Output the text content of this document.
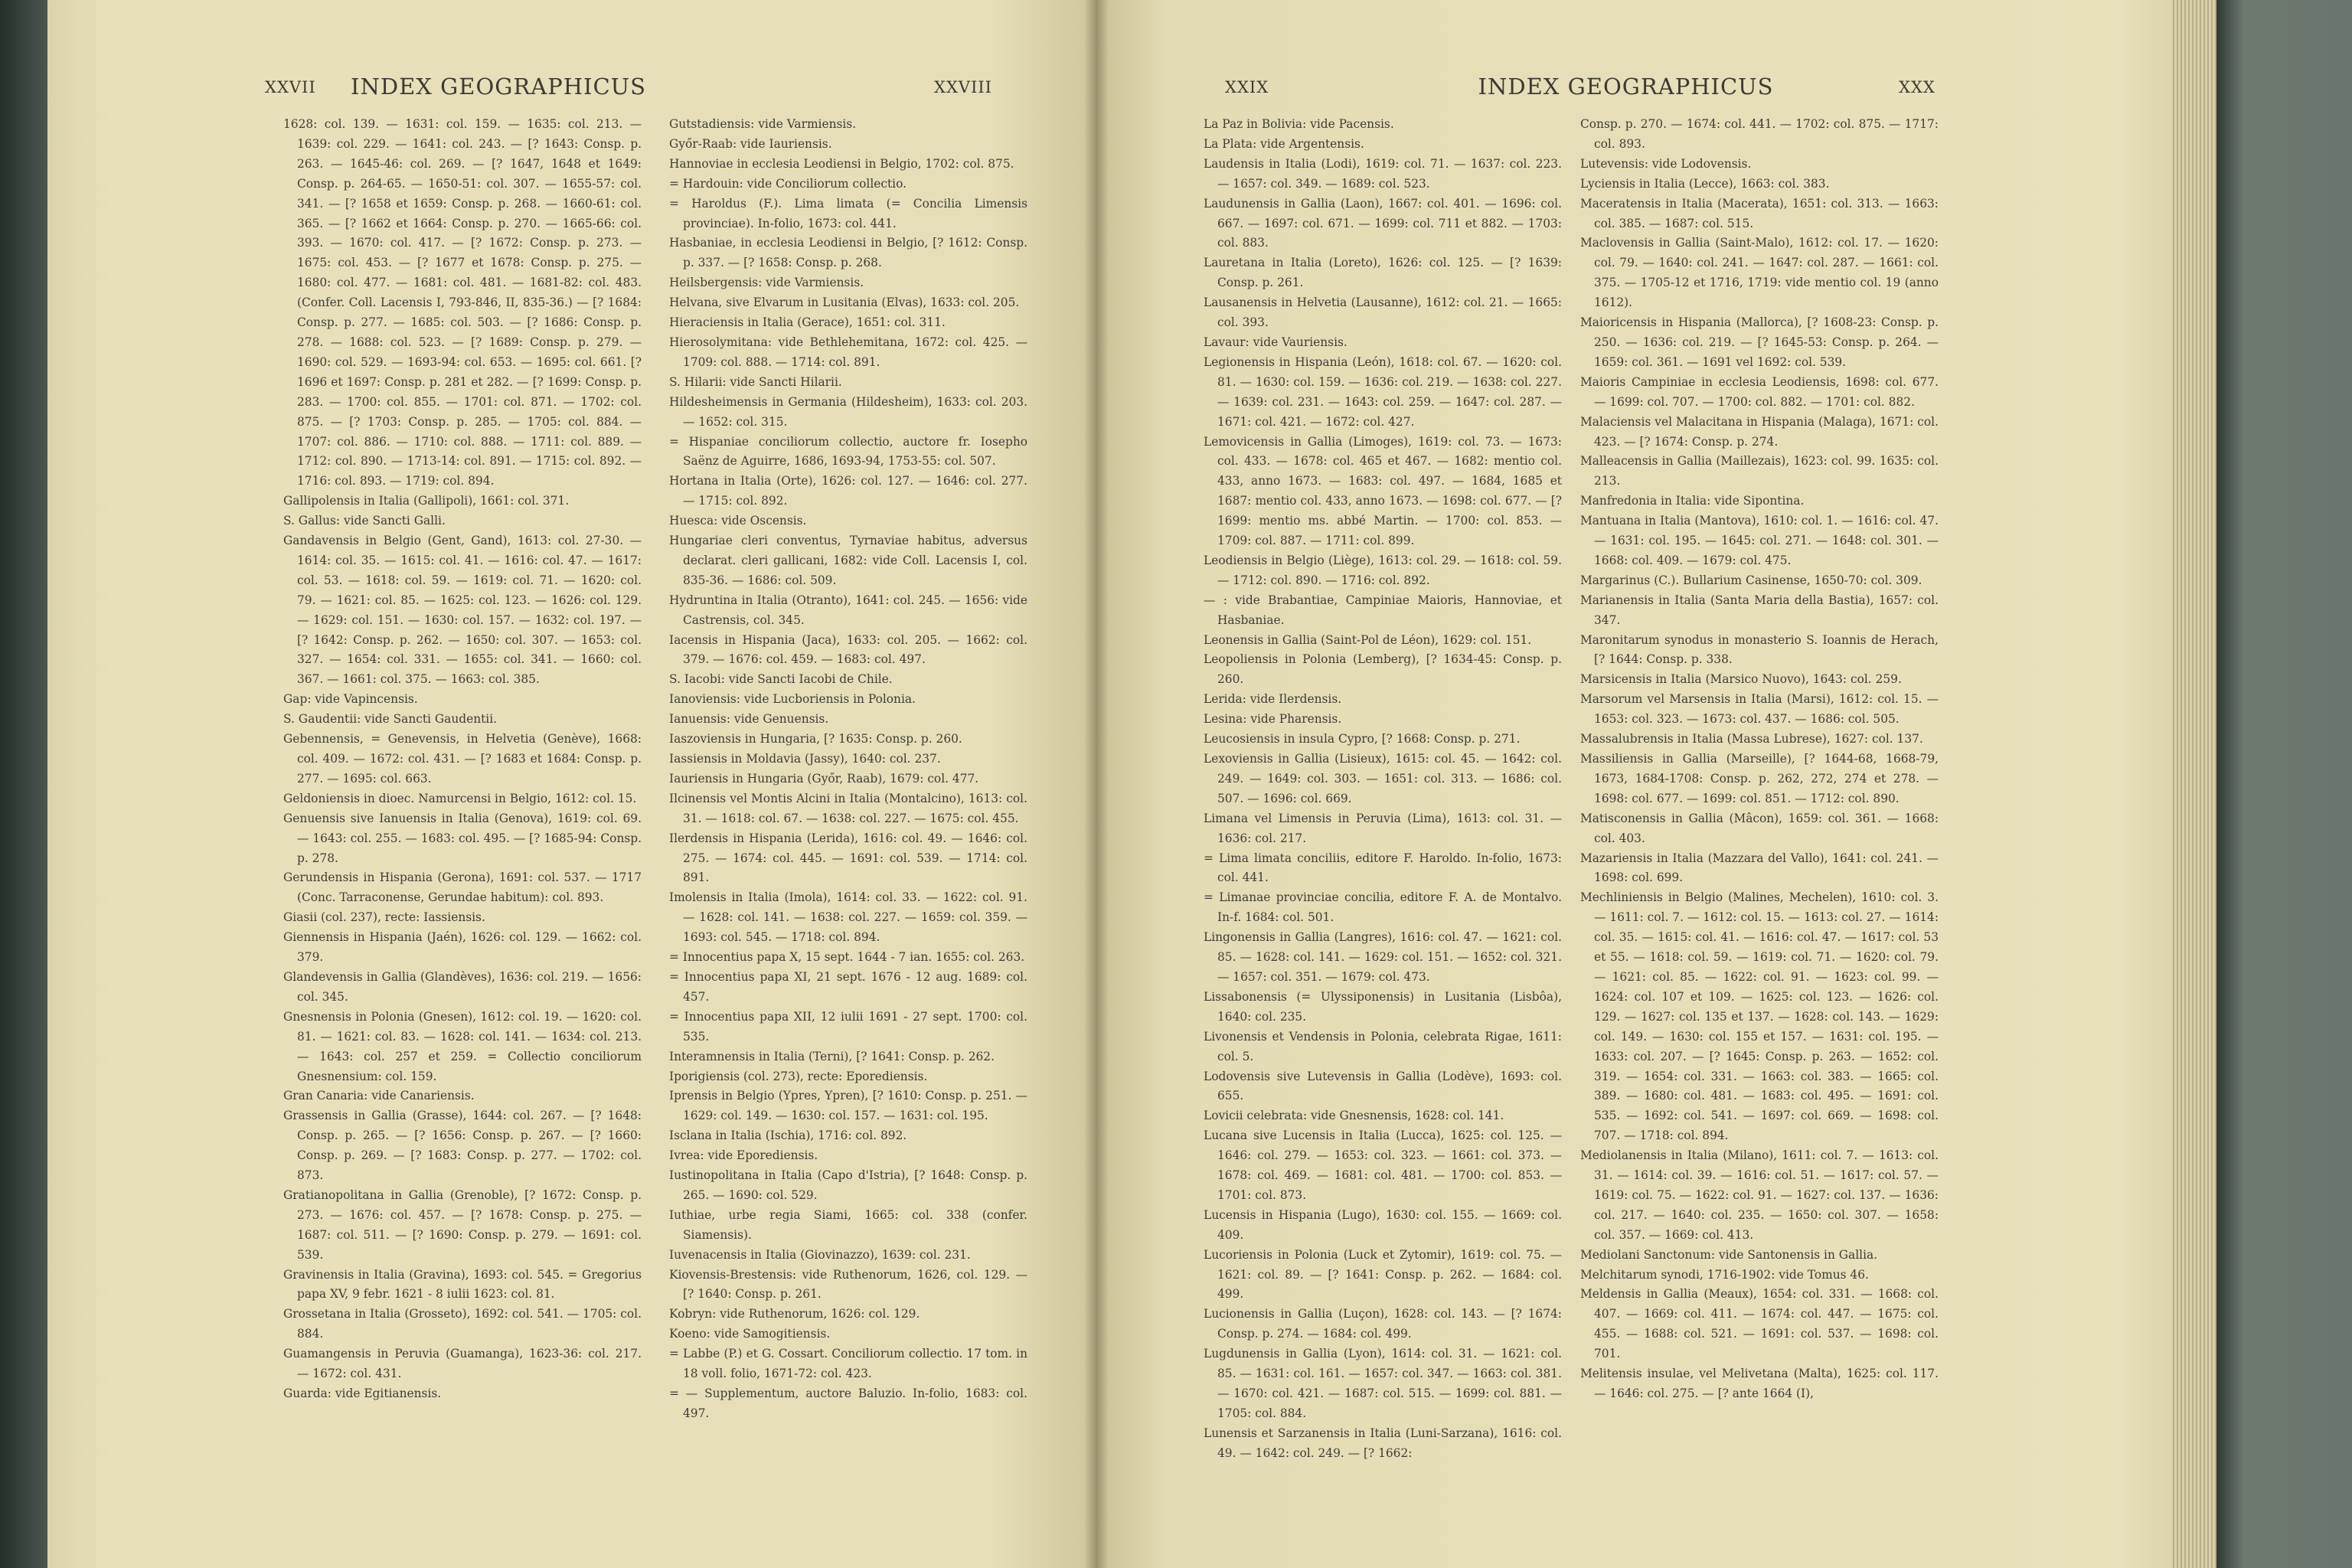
XXVII	INDEX GEOGRAPHICUS	XXVIII

1628: col. 139. — 1631: col. 159. — 1635: col. 213. — 1639: col. 229. — 1641: col. 243. — [? 1643: Consp. p. 263. — 1645-46: col. 269. — [? 1647, 1648 et 1649: Consp. p. 264-65. — 1650-51: col. 307. — 1655-57: col. 341. — [? 1658 et 1659: Consp. p. 268. — 1660-61: col. 365. — [? 1662 et 1664: Consp. p. 270. — 1665-66: col. 393. — 1670: col. 417. — [? 1672: Consp. p. 273. — 1675: col. 453. — [? 1677 et 1678: Consp. p. 275. — 1680: col. 477. — 1681: col. 481. — 1681-82: col. 483. (Confer. Coll. Lacensis I, 793-846, II, 835-36.) — [? 1684: Consp. p. 277. — 1685: col. 503. — [? 1686: Consp. p. 278. — 1688: col. 523. — [? 1689: Consp. p. 279. — 1690: col. 529. — 1693-94: col. 653. — 1695: col. 661. [? 1696 et 1697: Consp. p. 281 et 282. — [? 1699: Consp. p. 283. — 1700: col. 855. — 1701: col. 871. — 1702: col. 875. — [? 1703: Consp. p. 285. — 1705: col. 884. — 1707: col. 886. — 1710: col. 888. — 1711: col. 889. — 1712: col. 890. — 1713-14: col. 891. — 1715: col. 892. — 1716: col. 893. — 1719: col. 894.

Gallipolensis in Italia (Gallipoli), 1661: col. 371.

S. Gallus: vide Sancti Galli.

Gandavensis in Belgio (Gent, Gand), 1613: col. 27-30. — 1614: col. 35. — 1615: col. 41. — 1616: col. 47. — 1617: col. 53. — 1618: col. 59. — 1619: col. 71. — 1620: col. 79. — 1621: col. 85. — 1625: col. 123. — 1626: col. 129. — 1629: col. 151. — 1630: col. 157. — 1632: col. 197. — [? 1642: Consp. p. 262. — 1650: col. 307. — 1653: col. 327. — 1654: col. 331. — 1655: col. 341. — 1660: col. 367. — 1661: col. 375. — 1663: col. 385.

Gap: vide Vapincensis.

S. Gaudentii: vide Sancti Gaudentii.

Gebennensis, = Genevensis, in Helvetia (Genève), 1668: col. 409. — 1672: col. 431. — [? 1683 et 1684: Consp. p. 277. — 1695: col. 663.

Geldoniensis in dioec. Namurcensi in Belgio, 1612: col. 15.

Genuensis sive Ianuensis in Italia (Genova), 1619: col. 69. — 1643: col. 255. — 1683: col. 495. — [? 1685-94: Consp. p. 278.

Gerundensis in Hispania (Gerona), 1691: col. 537. — 1717 (Conc. Tarraconense, Gerundae habitum): col. 893.

Giasii (col. 237), recte: Iassiensis.

Giennensis in Hispania (Jaén), 1626: col. 129. — 1662: col. 379.

Glandevensis in Gallia (Glandèves), 1636: col. 219. — 1656: col. 345.

Gnesnensis in Polonia (Gnesen), 1612: col. 19. — 1620: col. 81. — 1621: col. 83. — 1628: col. 141. — 1634: col. 213. — 1643: col. 257 et 259. = Collectio conciliorum Gnesnensium: col. 159.

Gran Canaria: vide Canariensis.

Grassensis in Gallia (Grasse), 1644: col. 267. — [? 1648: Consp. p. 265. — [? 1656: Consp. p. 267. — [? 1660: Consp. p. 269. — [? 1683: Consp. p. 277. — 1702: col. 873.

Gratianopolitana in Gallia (Grenoble), [? 1672: Consp. p. 273. — 1676: col. 457. — [? 1678: Consp. p. 275. — 1687: col. 511. — [? 1690: Consp. p. 279. — 1691: col. 539.

Gravinensis in Italia (Gravina), 1693: col. 545. = Gregorius papa XV, 9 febr. 1621 - 8 iulii 1623: col. 81.

Grossetana in Italia (Grosseto), 1692: col. 541. — 1705: col. 884.

Guamangensis in Peruvia (Guamanga), 1623-36: col. 217. — 1672: col. 431.

Guarda: vide Egitianensis.

Gutstadiensis: vide Varmiensis.

Győr-Raab: vide Iauriensis.

Hannoviae in ecclesia Leodiensi in Belgio, 1702: col. 875.

= Hardouin: vide Conciliorum collectio.

= Haroldus (F.). Lima limata (= Concilia Limensis provinciae). In-folio, 1673: col. 441.

Hasbaniae, in ecclesia Leodiensi in Belgio, [? 1612: Consp. p. 337. — [? 1658: Consp. p. 268.

Heilsbergensis: vide Varmiensis.

Helvana, sive Elvarum in Lusitania (Elvas), 1633: col. 205.

Hieraciensis in Italia (Gerace), 1651: col. 311.

Hierosolymitana: vide Bethlehemitana, 1672: col. 425. — 1709: col. 888. — 1714: col. 891.

S. Hilarii: vide Sancti Hilarii.

Hildesheimensis in Germania (Hildesheim), 1633: col. 203. — 1652: col. 315.

= Hispaniae conciliorum collectio, auctore fr. Iosepho Saënz de Aguirre, 1686, 1693-94, 1753-55: col. 507.

Hortana in Italia (Orte), 1626: col. 127. — 1646: col. 277. — 1715: col. 892.

Huesca: vide Oscensis.

Hungariae cleri conventus, Tyrnaviae habitus, adversus declarat. cleri gallicani, 1682: vide Coll. Lacensis I, col. 835-36. — 1686: col. 509.

Hydruntina in Italia (Otranto), 1641: col. 245. — 1656: vide Castrensis, col. 345.

Iacensis in Hispania (Jaca), 1633: col. 205. — 1662: col. 379. — 1676: col. 459. — 1683: col. 497.

S. Iacobi: vide Sancti Iacobi de Chile.

Ianoviensis: vide Lucboriensis in Polonia.

Ianuensis: vide Genuensis.

Iaszoviensis in Hungaria, [? 1635: Consp. p. 260.

Iassiensis in Moldavia (Jassy), 1640: col. 237.

Iauriensis in Hungaria (Győr, Raab), 1679: col. 477.

Ilcinensis vel Montis Alcini in Italia (Montalcino), 1613: col. 31. — 1618: col. 67. — 1638: col. 227. — 1675: col. 455.

Ilerdensis in Hispania (Lerida), 1616: col. 49. — 1646: col. 275. — 1674: col. 445. — 1691: col. 539. — 1714: col. 891.

Imolensis in Italia (Imola), 1614: col. 33. — 1622: col. 91. — 1628: col. 141. — 1638: col. 227. — 1659: col. 359. — 1693: col. 545. — 1718: col. 894.

= Innocentius papa X, 15 sept. 1644 - 7 ian. 1655: col. 263.

= Innocentius papa XI, 21 sept. 1676 - 12 aug. 1689: col. 457.

= Innocentius papa XII, 12 iulii 1691 - 27 sept. 1700: col. 535.

Interamnensis in Italia (Terni), [? 1641: Consp. p. 262.

Iporigiensis (col. 273), recte: Eporediensis.

Iprensis in Belgio (Ypres, Ypren), [? 1610: Consp. p. 251. — 1629: col. 149. — 1630: col. 157. — 1631: col. 195.

Isclana in Italia (Ischia), 1716: col. 892.

Ivrea: vide Eporediensis.

Iustinopolitana in Italia (Capo d'Istria), [? 1648: Consp. p. 265. — 1690: col. 529.

Iuthiae, urbe regia Siami, 1665: col. 338 (confer. Siamensis).

Iuvenacensis in Italia (Giovinazzo), 1639: col. 231.

Kiovensis-Brestensis: vide Ruthenorum, 1626, col. 129. — [? 1640: Consp. p. 261.

Kobryn: vide Ruthenorum, 1626: col. 129.

Koeno: vide Samogitiensis.

= Labbe (P.) et G. Cossart. Conciliorum collectio. 17 tom. in 18 voll. folio, 1671-72: col. 423.

= — Supplementum, auctore Baluzio. In-folio, 1683: col. 497.

XXIX	INDEX GEOGRAPHICUS	XXX

La Paz in Bolivia: vide Pacensis.

La Plata: vide Argentensis.

Laudensis in Italia (Lodi), 1619: col. 71. — 1637: col. 223. — 1657: col. 349. — 1689: col. 523.

Laudunensis in Gallia (Laon), 1667: col. 401. — 1696: col. 667. — 1697: col. 671. — 1699: col. 711 et 882. — 1703: col. 883.

Lauretana in Italia (Loreto), 1626: col. 125. — [? 1639: Consp. p. 261.

Lausanensis in Helvetia (Lausanne), 1612: col. 21. — 1665: col. 393.

Lavaur: vide Vauriensis.

Legionensis in Hispania (León), 1618: col. 67. — 1620: col. 81. — 1630: col. 159. — 1636: col. 219. — 1638: col. 227. — 1639: col. 231. — 1643: col. 259. — 1647: col. 287. — 1671: col. 421. — 1672: col. 427.

Lemovicensis in Gallia (Limoges), 1619: col. 73. — 1673: col. 433. — 1678: col. 465 et 467. — 1682: mentio col. 433, anno 1673. — 1683: col. 497. — 1684, 1685 et 1687: mentio col. 433, anno 1673. — 1698: col. 677. — [? 1699: mentio ms. abbé Martin. — 1700: col. 853. — 1709: col. 887. — 1711: col. 899.

Leodiensis in Belgio (Liège), 1613: col. 29. — 1618: col. 59. — 1712: col. 890. — 1716: col. 892.

— : vide Brabantiae, Campiniae Maioris, Hannoviae, et Hasbaniae.

Leonensis in Gallia (Saint-Pol de Léon), 1629: col. 151.

Leopoliensis in Polonia (Lemberg), [? 1634-45: Consp. p. 260.

Lerida: vide Ilerdensis.

Lesina: vide Pharensis.

Leucosiensis in insula Cypro, [? 1668: Consp. p. 271.

Lexoviensis in Gallia (Lisieux), 1615: col. 45. — 1642: col. 249. — 1649: col. 303. — 1651: col. 313. — 1686: col. 507. — 1696: col. 669.

Limana vel Limensis in Peruvia (Lima), 1613: col. 31. — 1636: col. 217.

= Lima limata conciliis, editore F. Haroldo. In-folio, 1673: col. 441.

= Limanae provinciae concilia, editore F. A. de Montalvo. In-f. 1684: col. 501.

Lingonensis in Gallia (Langres), 1616: col. 47. — 1621: col. 85. — 1628: col. 141. — 1629: col. 151. — 1652: col. 321. — 1657: col. 351. — 1679: col. 473.

Lissabonensis (= Ulyssiponensis) in Lusitania (Lisbôa), 1640: col. 235.

Livonensis et Vendensis in Polonia, celebrata Rigae, 1611: col. 5.

Lodovensis sive Lutevensis in Gallia (Lodève), 1693: col. 655.

Lovicii celebrata: vide Gnesnensis, 1628: col. 141.

Lucana sive Lucensis in Italia (Lucca), 1625: col. 125. — 1646: col. 279. — 1653: col. 323. — 1661: col. 373. — 1678: col. 469. — 1681: col. 481. — 1700: col. 853. — 1701: col. 873.

Lucensis in Hispania (Lugo), 1630: col. 155. — 1669: col. 409.

Lucoriensis in Polonia (Luck et Zytomir), 1619: col. 75. — 1621: col. 89. — [? 1641: Consp. p. 262. — 1684: col. 499.

Lucionensis in Gallia (Luçon), 1628: col. 143. — [? 1674: Consp. p. 274. — 1684: col. 499.

Lugdunensis in Gallia (Lyon), 1614: col. 31. — 1621: col. 85. — 1631: col. 161. — 1657: col. 347. — 1663: col. 381. — 1670: col. 421. — 1687: col. 515. — 1699: col. 881. — 1705: col. 884.

Lunensis et Sarzanensis in Italia (Luni-Sarzana), 1616: col. 49. — 1642: col. 249. — [? 1662:

Consp. p. 270. — 1674: col. 441. — 1702: col. 875. — 1717: col. 893.

Lutevensis: vide Lodovensis.

Lyciensis in Italia (Lecce), 1663: col. 383.

Maceratensis in Italia (Macerata), 1651: col. 313. — 1663: col. 385. — 1687: col. 515.

Maclovensis in Gallia (Saint-Malo), 1612: col. 17. — 1620: col. 79. — 1640: col. 241. — 1647: col. 287. — 1661: col. 375. — 1705-12 et 1716, 1719: vide mentio col. 19 (anno 1612).

Maioricensis in Hispania (Mallorca), [? 1608-23: Consp. p. 250. — 1636: col. 219. — [? 1645-53: Consp. p. 264. — 1659: col. 361. — 1691 vel 1692: col. 539.

Maioris Campiniae in ecclesia Leodiensis, 1698: col. 677. — 1699: col. 707. — 1700: col. 882. — 1701: col. 882.

Malaciensis vel Malacitana in Hispania (Malaga), 1671: col. 423. — [? 1674: Consp. p. 274.

Malleacensis in Gallia (Maillezais), 1623: col. 99. 1635: col. 213.

Manfredonia in Italia: vide Sipontina.

Mantuana in Italia (Mantova), 1610: col. 1. — 1616: col. 47. — 1631: col. 195. — 1645: col. 271. — 1648: col. 301. — 1668: col. 409. — 1679: col. 475.

Margarinus (C.). Bullarium Casinense, 1650-70: col. 309.

Marianensis in Italia (Santa Maria della Bastia), 1657: col. 347.

Maronitarum synodus in monasterio S. Ioannis de Herach, [? 1644: Consp. p. 338.

Marsicensis in Italia (Marsico Nuovo), 1643: col. 259.

Marsorum vel Marsensis in Italia (Marsi), 1612: col. 15. — 1653: col. 323. — 1673: col. 437. — 1686: col. 505.

Massalubrensis in Italia (Massa Lubrese), 1627: col. 137.

Massiliensis in Gallia (Marseille), [? 1644-68, 1668-79, 1673, 1684-1708: Consp. p. 262, 272, 274 et 278. — 1698: col. 677. — 1699: col. 851. — 1712: col. 890.

Matisconensis in Gallia (Mâcon), 1659: col. 361. — 1668: col. 403.

Mazariensis in Italia (Mazzara del Vallo), 1641: col. 241. — 1698: col. 699.

Mechliniensis in Belgio (Malines, Mechelen), 1610: col. 3. — 1611: col. 7. — 1612: col. 15. — 1613: col. 27. — 1614: col. 35. — 1615: col. 41. — 1616: col. 47. — 1617: col. 53 et 55. — 1618: col. 59. — 1619: col. 71. — 1620: col. 79. — 1621: col. 85. — 1622: col. 91. — 1623: col. 99. — 1624: col. 107 et 109. — 1625: col. 123. — 1626: col. 129. — 1627: col. 135 et 137. — 1628: col. 143. — 1629: col. 149. — 1630: col. 155 et 157. — 1631: col. 195. — 1633: col. 207. — [? 1645: Consp. p. 263. — 1652: col. 319. — 1654: col. 331. — 1663: col. 383. — 1665: col. 389. — 1680: col. 481. — 1683: col. 495. — 1691: col. 535. — 1692: col. 541. — 1697: col. 669. — 1698: col. 707. — 1718: col. 894.

Mediolanensis in Italia (Milano), 1611: col. 7. — 1613: col. 31. — 1614: col. 39. — 1616: col. 51. — 1617: col. 57. — 1619: col. 75. — 1622: col. 91. — 1627: col. 137. — 1636: col. 217. — 1640: col. 235. — 1650: col. 307. — 1658: col. 357. — 1669: col. 413.

Mediolani Sanctonum: vide Santonensis in Gallia.

Melchitarum synodi, 1716-1902: vide Tomus 46.

Meldensis in Gallia (Meaux), 1654: col. 331. — 1668: col. 407. — 1669: col. 411. — 1674: col. 447. — 1675: col. 455. — 1688: col. 521. — 1691: col. 537. — 1698: col. 701.

Melitensis insulae, vel Melivetana (Malta), 1625: col. 117. — 1646: col. 275. — [? ante 1664 (I),
